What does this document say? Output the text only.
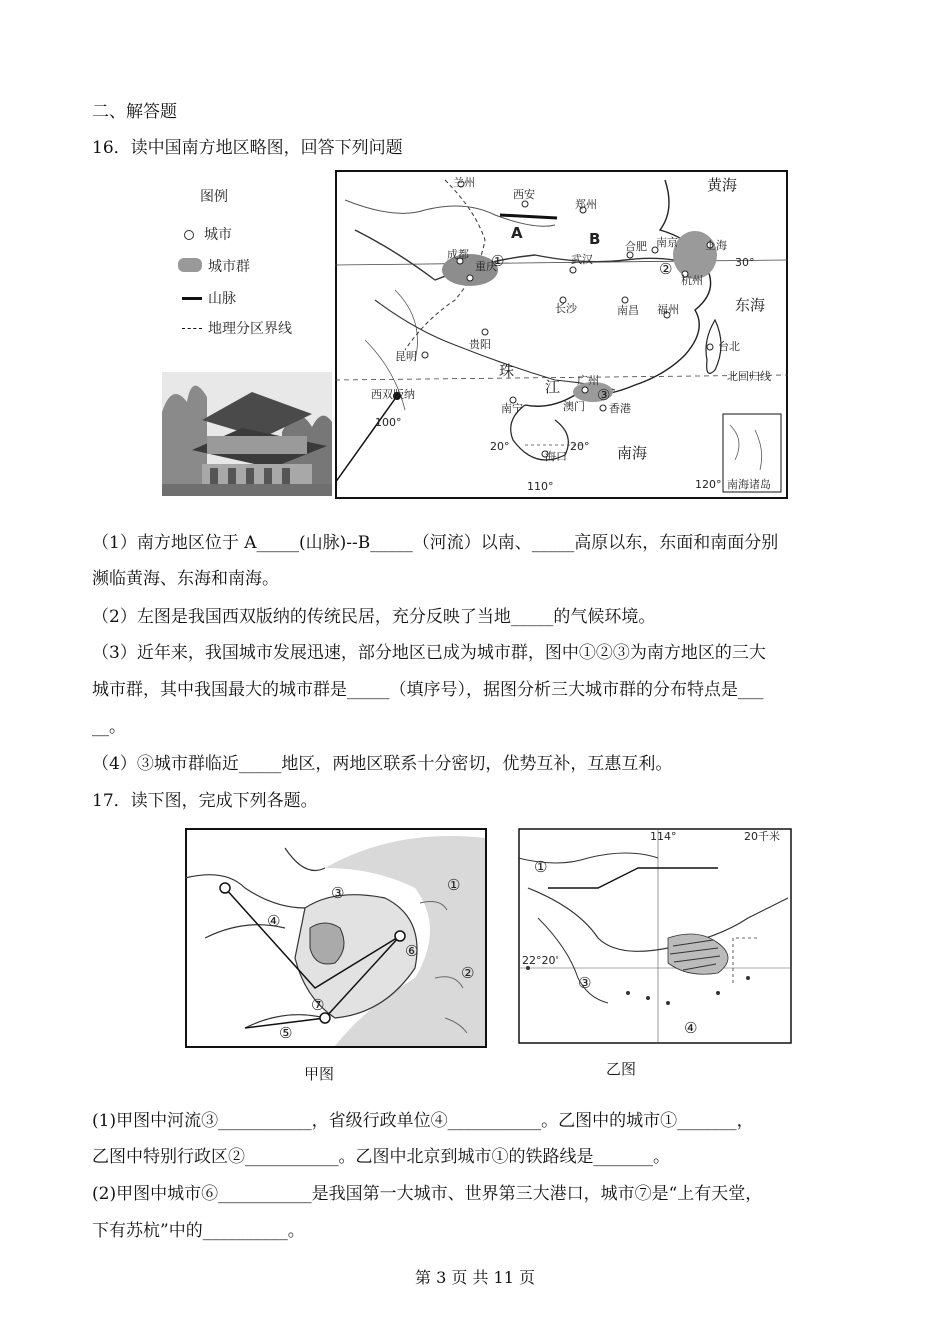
二、解答题
16．读中国南方地区略图，回答下列问题
图例
城市
城市群
山脉
地理分区界线
兰州
西安
郑州
黄海
成都
重庆
武汉
合肥 南京 上海
杭州
长沙	南昌 福州
贵阳
昆明
台北
广州
澳门 香港
南宁
海口	南海
东海
西双版纳
珠
江
A	B
①	②
③
30°
20°	20°
北回归线
100°
110°	120° 南海诸岛
（1）南方地区位于 A_____(山脉)--B_____（河流）以南、_____高原以东，东面和南面分别
濒临黄海、东海和南海。
（2）左图是我国西双版纳的传统民居，充分反映了当地_____的气候环境。
（3）近年来，我国城市发展迅速，部分地区已成为城市群，图中①②③为南方地区的三大
城市群，其中我国最大的城市群是_____（填序号），据图分析三大城市群的分布特点是___
__。
（4）③城市群临近_____地区，两地区联系十分密切，优势互补，互惠互利。
17．读下图，完成下列各题。
①
②
③
④
⑤
⑥
⑦
甲图
①
③
④
114°	20千米
22°20'
乙图
(1)甲图中河流③___________，省级行政单位④___________。乙图中的城市①_______，
乙图中特别行政区②___________。乙图中北京到城市①的铁路线是_______。
(2)甲图中城市⑥___________是我国第一大城市、世界第三大港口，城市⑦是“上有天堂，
下有苏杭”中的__________。
第 3 页 共 11 页
